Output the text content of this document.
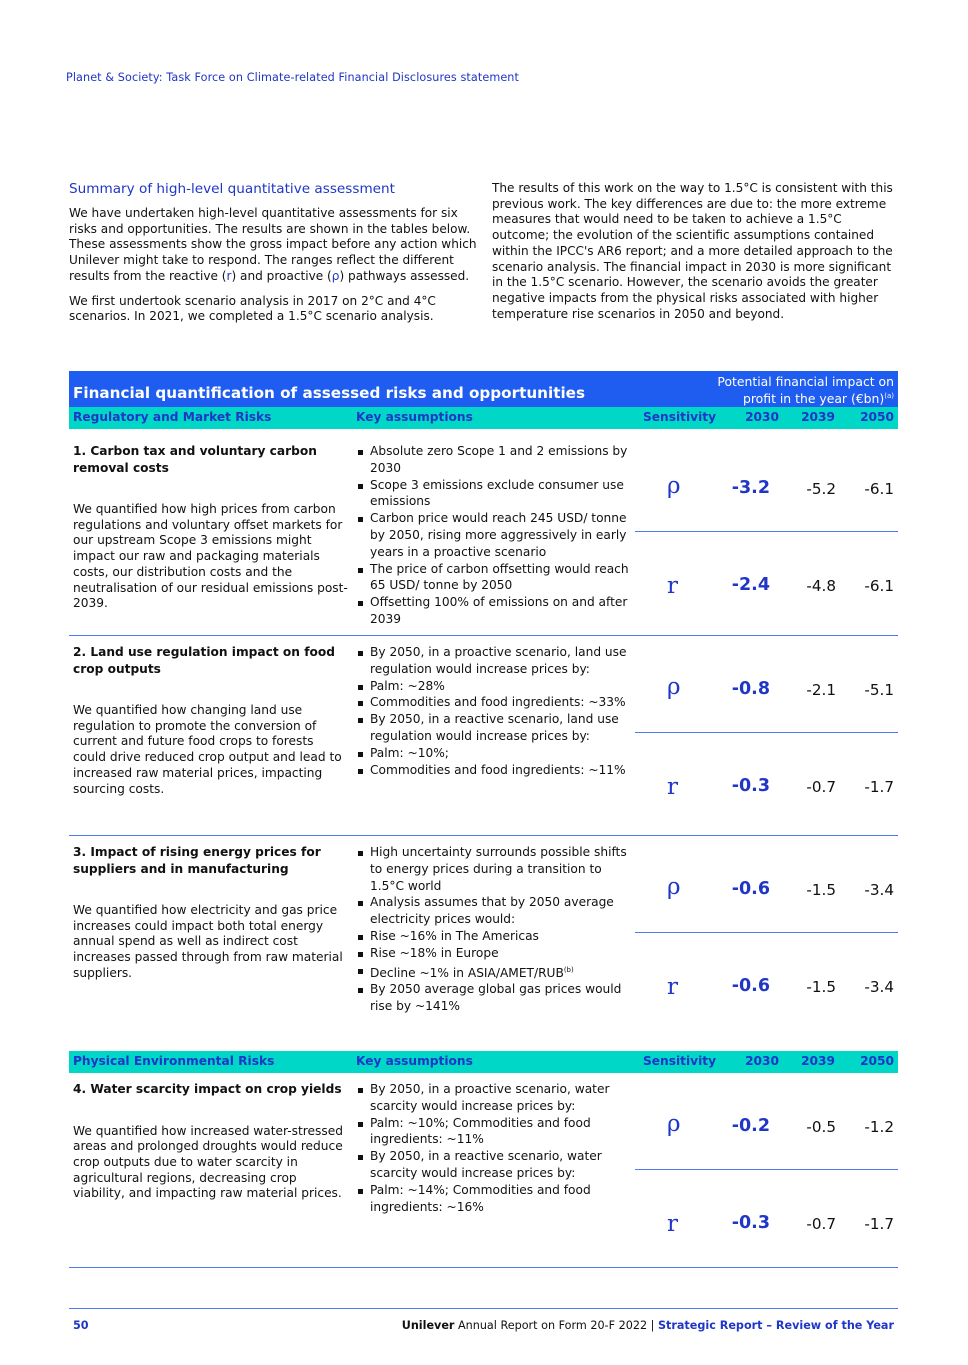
Planet & Society: Task Force on Climate-related Financial Disclosures statement
Summary of high-level quantitative assessment

We have undertaken high-level quantitative assessments for six risks and opportunities. The results are shown in the tables below. These assessments show the gross impact before any action which Unilever might take to respond. The ranges reflect the different results from the reactive (r) and proactive (ρ) pathways assessed.

We first undertook scenario analysis in 2017 on 2°C and 4°C scenarios. In 2021, we completed a 1.5°C scenario analysis.

The results of this work on the way to 1.5°C is consistent with this previous work. The key differences are due to: the more extreme measures that would need to be taken to achieve a 1.5°C outcome; the evolution of the scientific assumptions contained within the IPCC's AR6 report; and a more detailed approach to the scenario analysis. The financial impact in 2030 is more significant in the 1.5°C scenario. However, the scenario avoids the greater negative impacts from the physical risks associated with higher temperature rise scenarios in 2050 and beyond.

Financial quantification of assessed risks and opportunities
Potential financial impact on
profit in the year (€bn)$^{(a)}$
Regulatory and Market Risks	Key assumptions	Sensitivity 2030 2039 2050
1. Carbon tax and voluntary carbon removal costs
We quantified how high prices from carbon regulations and voluntary offset markets for our upstream Scope 3 emissions might impact our raw and packaging materials costs, our distribution costs and the neutralisation of our residual emissions post-2039.
Absolute zero Scope 1 and 2 emissions by 2030
Scope 3 emissions exclude consumer use emissions
Carbon price would reach 245 USD/ tonne by 2050, rising more aggressively in early years in a proactive scenario
The price of carbon offsetting would reach 65 USD/ tonne by 2050
Offsetting 100% of emissions on and after 2039
ρ	-3.2 -5.2 -6.1
r	-2.4 -4.8 -6.1
2. Land use regulation impact on food crop outputs
We quantified how changing land use regulation to promote the conversion of current and future food crops to forests could drive reduced crop output and lead to increased raw material prices, impacting sourcing costs.
By 2050, in a proactive scenario, land use regulation would increase prices by:
Palm: ~28%
Commodities and food ingredients: ~33%
By 2050, in a reactive scenario, land use regulation would increase prices by:
Palm: ~10%;
Commodities and food ingredients: ~11%
ρ	-0.8 -2.1 -5.1
r	-0.3 -0.7 -1.7
3. Impact of rising energy prices for suppliers and in manufacturing
We quantified how electricity and gas price increases could impact both total energy annual spend as well as indirect cost increases passed through from raw material suppliers.
High uncertainty surrounds possible shifts to energy prices during a transition to 1.5°C world
Analysis assumes that by 2050 average electricity prices would:
Rise ~16% in The Americas
Rise ~18% in Europe
Decline ~1% in ASIA/AMET/RUB$^{(b)}$
By 2050 average global gas prices would rise by ~141%
ρ	-0.6 -1.5 -3.4
r	-0.6 -1.5 -3.4
Physical Environmental Risks	Key assumptions	Sensitivity 2030 2039 2050
4. Water scarcity impact on crop yields
We quantified how increased water-stressed areas and prolonged droughts would reduce crop outputs due to water scarcity in agricultural regions, decreasing crop viability, and impacting raw material prices.
By 2050, in a proactive scenario, water scarcity would increase prices by:
Palm: ~10%; Commodities and food ingredients: ~11%
By 2050, in a reactive scenario, water scarcity would increase prices by:
Palm: ~14%; Commodities and food ingredients: ~16%
ρ	-0.2 -0.5 -1.2
r	-0.3 -0.7 -1.7
50	Unilever Annual Report on Form 20-F 2022 | Strategic Report – Review of the Year
